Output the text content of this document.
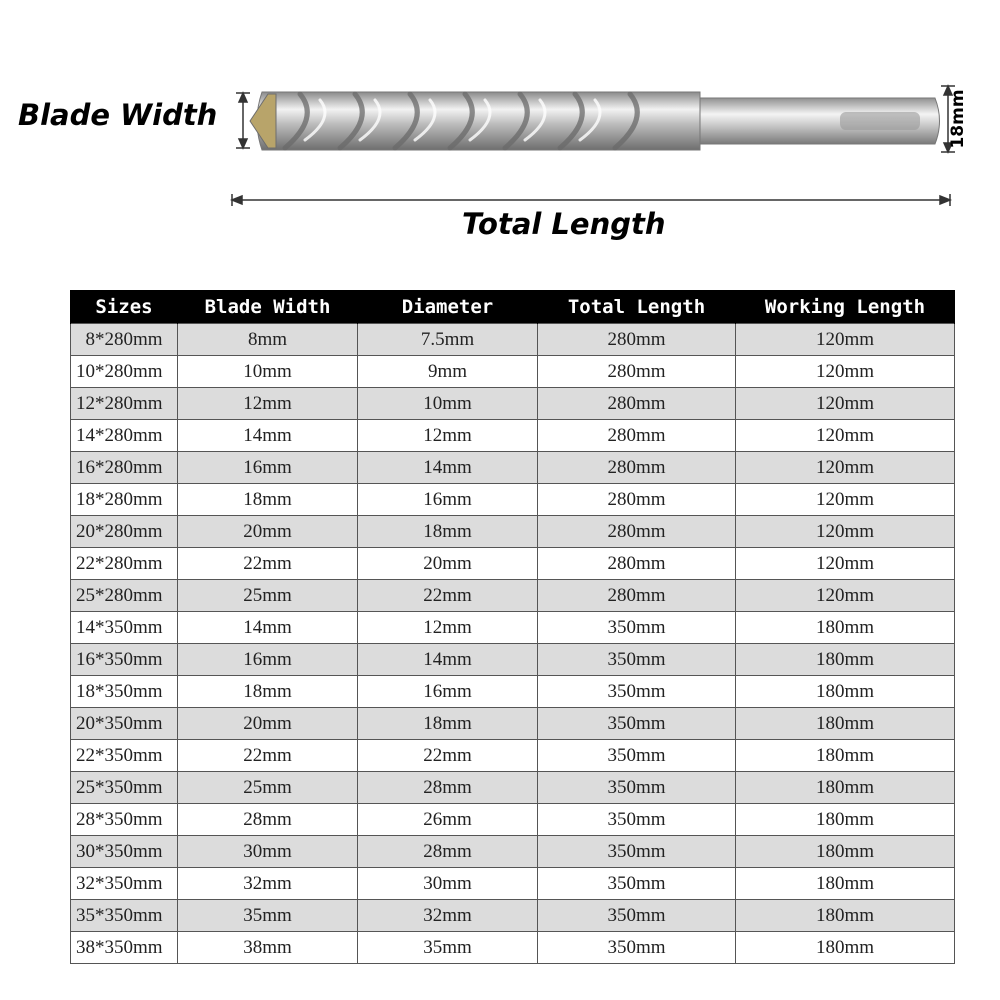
Blade Width
Total Length
18mm
Sizes	Blade Width	Diameter	Total Length	Working Length
8*280mm	8mm	7.5mm	280mm	120mm
10*280mm	10mm	9mm	280mm	120mm
12*280mm	12mm	10mm	280mm	120mm
14*280mm	14mm	12mm	280mm	120mm
16*280mm	16mm	14mm	280mm	120mm
18*280mm	18mm	16mm	280mm	120mm
20*280mm	20mm	18mm	280mm	120mm
22*280mm	22mm	20mm	280mm	120mm
25*280mm	25mm	22mm	280mm	120mm
14*350mm	14mm	12mm	350mm	180mm
16*350mm	16mm	14mm	350mm	180mm
18*350mm	18mm	16mm	350mm	180mm
20*350mm	20mm	18mm	350mm	180mm
22*350mm	22mm	22mm	350mm	180mm
25*350mm	25mm	28mm	350mm	180mm
28*350mm	28mm	26mm	350mm	180mm
30*350mm	30mm	28mm	350mm	180mm
32*350mm	32mm	30mm	350mm	180mm
35*350mm	35mm	32mm	350mm	180mm
38*350mm	38mm	35mm	350mm	180mm
